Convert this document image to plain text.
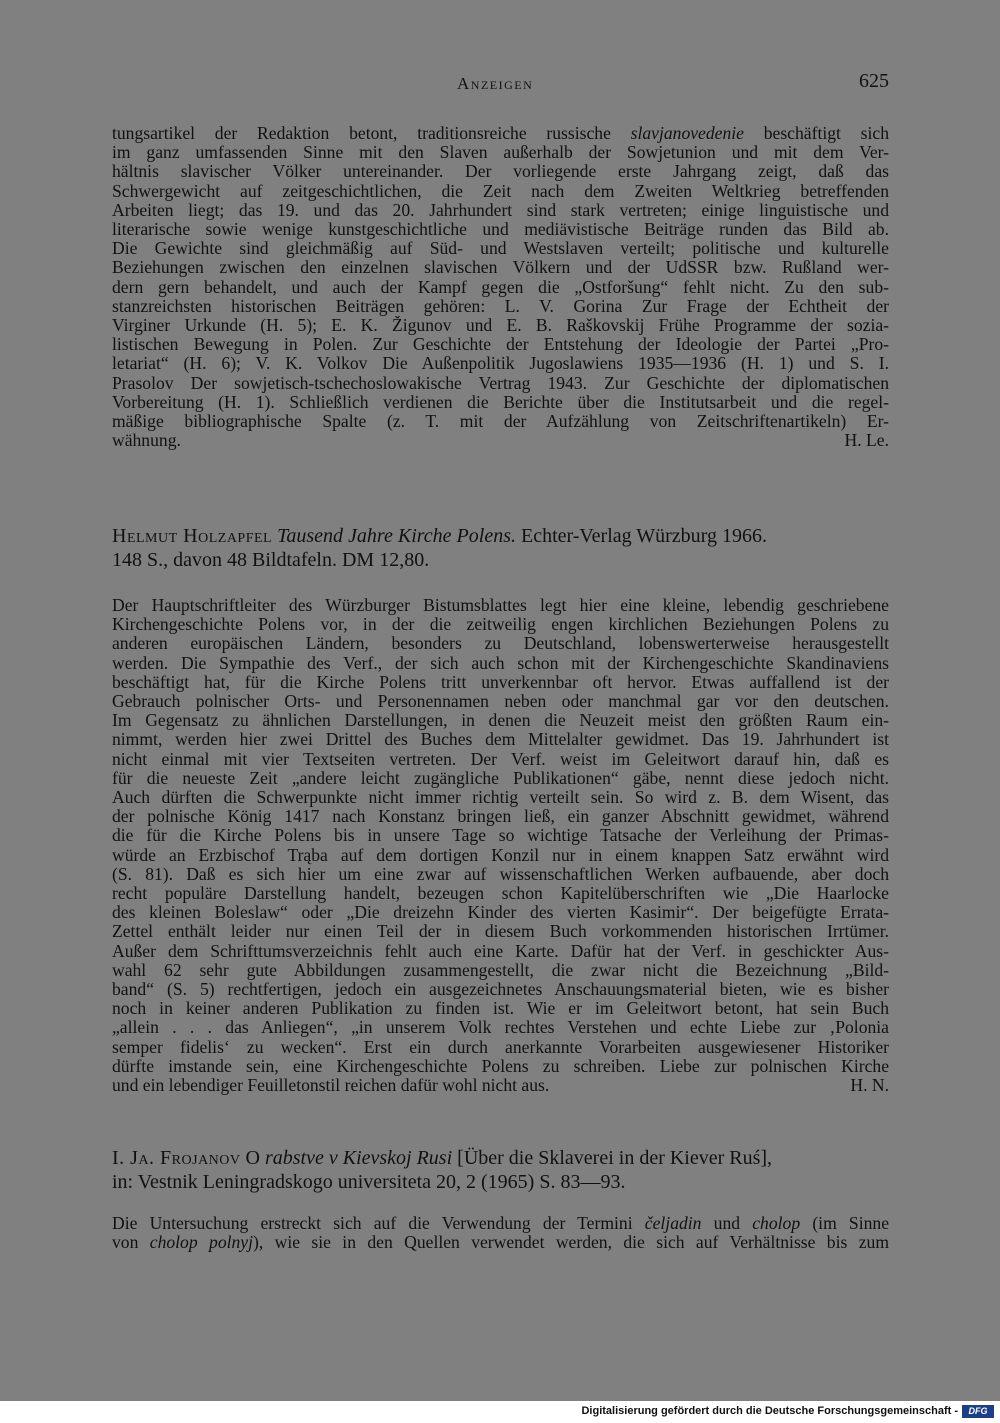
Anzeigen	625
tungsartikel der Redaktion betont, traditionsreiche russische slavjanovedenie beschäftigt sich
im ganz umfassenden Sinne mit den Slaven außerhalb der Sowjetunion und mit dem Ver-
hältnis slavischer Völker untereinander. Der vorliegende erste Jahrgang zeigt, daß das
Schwergewicht auf zeitgeschichtlichen, die Zeit nach dem Zweiten Weltkrieg betreffenden
Arbeiten liegt; das 19. und das 20. Jahrhundert sind stark vertreten; einige linguistische und
literarische sowie wenige kunstgeschichtliche und mediävistische Beiträge runden das Bild ab.
Die Gewichte sind gleichmäßig auf Süd- und Westslaven verteilt; politische und kulturelle
Beziehungen zwischen den einzelnen slavischen Völkern und der UdSSR bzw. Rußland wer-
dern gern behandelt, und auch der Kampf gegen die „Ostforšung“ fehlt nicht. Zu den sub-
stanzreichsten historischen Beiträgen gehören: L. V. Gorina Zur Frage der Echtheit der
Virginer Urkunde (H. 5); E. K. Žigunov und E. B. Raškovskij Frühe Programme der sozia-
listischen Bewegung in Polen. Zur Geschichte der Entstehung der Ideologie der Partei „Pro-
letariat“ (H. 6); V. K. Volkov Die Außenpolitik Jugoslawiens 1935—1936 (H. 1) und S. I.
Prasolov Der sowjetisch-tschechoslowakische Vertrag 1943. Zur Geschichte der diplomatischen
Vorbereitung (H. 1). Schließlich verdienen die Berichte über die Institutsarbeit und die regel-
mäßige bibliographische Spalte (z. T. mit der Aufzählung von Zeitschriftenartikeln) Er-
wähnung.	H. Le.
Helmut Holzapfel Tausend Jahre Kirche Polens. Echter-Verlag Würzburg 1966.
148 S., davon 48 Bildtafeln. DM 12,80.
Der Hauptschriftleiter des Würzburger Bistumsblattes legt hier eine kleine, lebendig geschriebene
Kirchengeschichte Polens vor, in der die zeitweilig engen kirchlichen Beziehungen Polens zu
anderen europäischen Ländern, besonders zu Deutschland, lobenswerterweise herausgestellt
werden. Die Sympathie des Verf., der sich auch schon mit der Kirchengeschichte Skandinaviens
beschäftigt hat, für die Kirche Polens tritt unverkennbar oft hervor. Etwas auffallend ist der
Gebrauch polnischer Orts- und Personennamen neben oder manchmal gar vor den deutschen.
Im Gegensatz zu ähnlichen Darstellungen, in denen die Neuzeit meist den größten Raum ein-
nimmt, werden hier zwei Drittel des Buches dem Mittelalter gewidmet. Das 19. Jahrhundert ist
nicht einmal mit vier Textseiten vertreten. Der Verf. weist im Geleitwort darauf hin, daß es
für die neueste Zeit „andere leicht zugängliche Publikationen“ gäbe, nennt diese jedoch nicht.
Auch dürften die Schwerpunkte nicht immer richtig verteilt sein. So wird z. B. dem Wisent, das
der polnische König 1417 nach Konstanz bringen ließ, ein ganzer Abschnitt gewidmet, während
die für die Kirche Polens bis in unsere Tage so wichtige Tatsache der Verleihung der Primas-
würde an Erzbischof Trąba auf dem dortigen Konzil nur in einem knappen Satz erwähnt wird
(S. 81). Daß es sich hier um eine zwar auf wissenschaftlichen Werken aufbauende, aber doch
recht populäre Darstellung handelt, bezeugen schon Kapitelüberschriften wie „Die Haarlocke
des kleinen Boleslaw“ oder „Die dreizehn Kinder des vierten Kasimir“. Der beigefügte Errata-
Zettel enthält leider nur einen Teil der in diesem Buch vorkommenden historischen Irrtümer.
Außer dem Schrifttumsverzeichnis fehlt auch eine Karte. Dafür hat der Verf. in geschickter Aus-
wahl 62 sehr gute Abbildungen zusammengestellt, die zwar nicht die Bezeichnung „Bild-
band“ (S. 5) rechtfertigen, jedoch ein ausgezeichnetes Anschauungsmaterial bieten, wie es bisher
noch in keiner anderen Publikation zu finden ist. Wie er im Geleitwort betont, hat sein Buch
„allein . . . das Anliegen“, „in unserem Volk rechtes Verstehen und echte Liebe zur ‚Polonia
semper fidelis‘ zu wecken“. Erst ein durch anerkannte Vorarbeiten ausgewiesener Historiker
dürfte imstande sein, eine Kirchengeschichte Polens zu schreiben. Liebe zur polnischen Kirche
und ein lebendiger Feuilletonstil reichen dafür wohl nicht aus.	H. N.
I. Ja. Frojanov O rabstve v Kievskoj Rusi [Über die Sklaverei in der Kiever Ruś],
in: Vestnik Leningradskogo universiteta 20, 2 (1965) S. 83—93.
Die Untersuchung erstreckt sich auf die Verwendung der Termini čeljadin und cholop (im Sinne
von cholop polnyj), wie sie in den Quellen verwendet werden, die sich auf Verhältnisse bis zum
Digitalisierung gefördert durch die Deutsche Forschungsgemeinschaft -	DFG
